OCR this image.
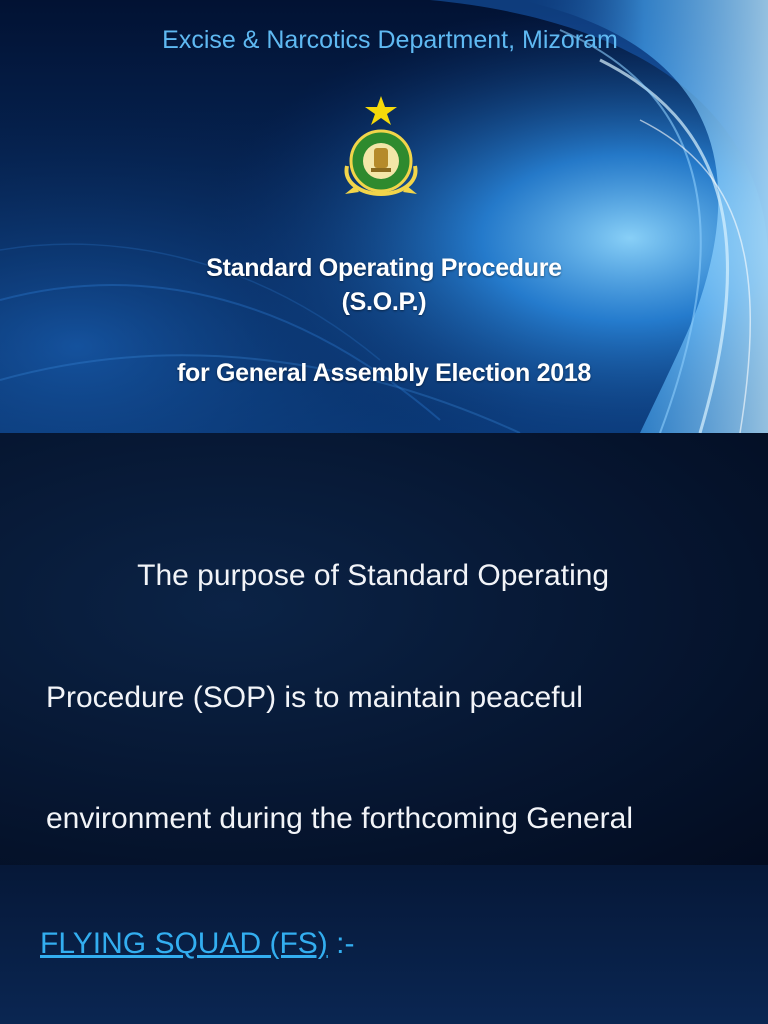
Excise & Narcotics Department, Mizoram
Standard Operating Procedure
(S.O.P.)
for General Assembly Election 2018

The purpose of Standard Operating

Procedure (SOP) is to maintain peaceful

environment during the forthcoming General

FLYING SQUAD (FS) :-
